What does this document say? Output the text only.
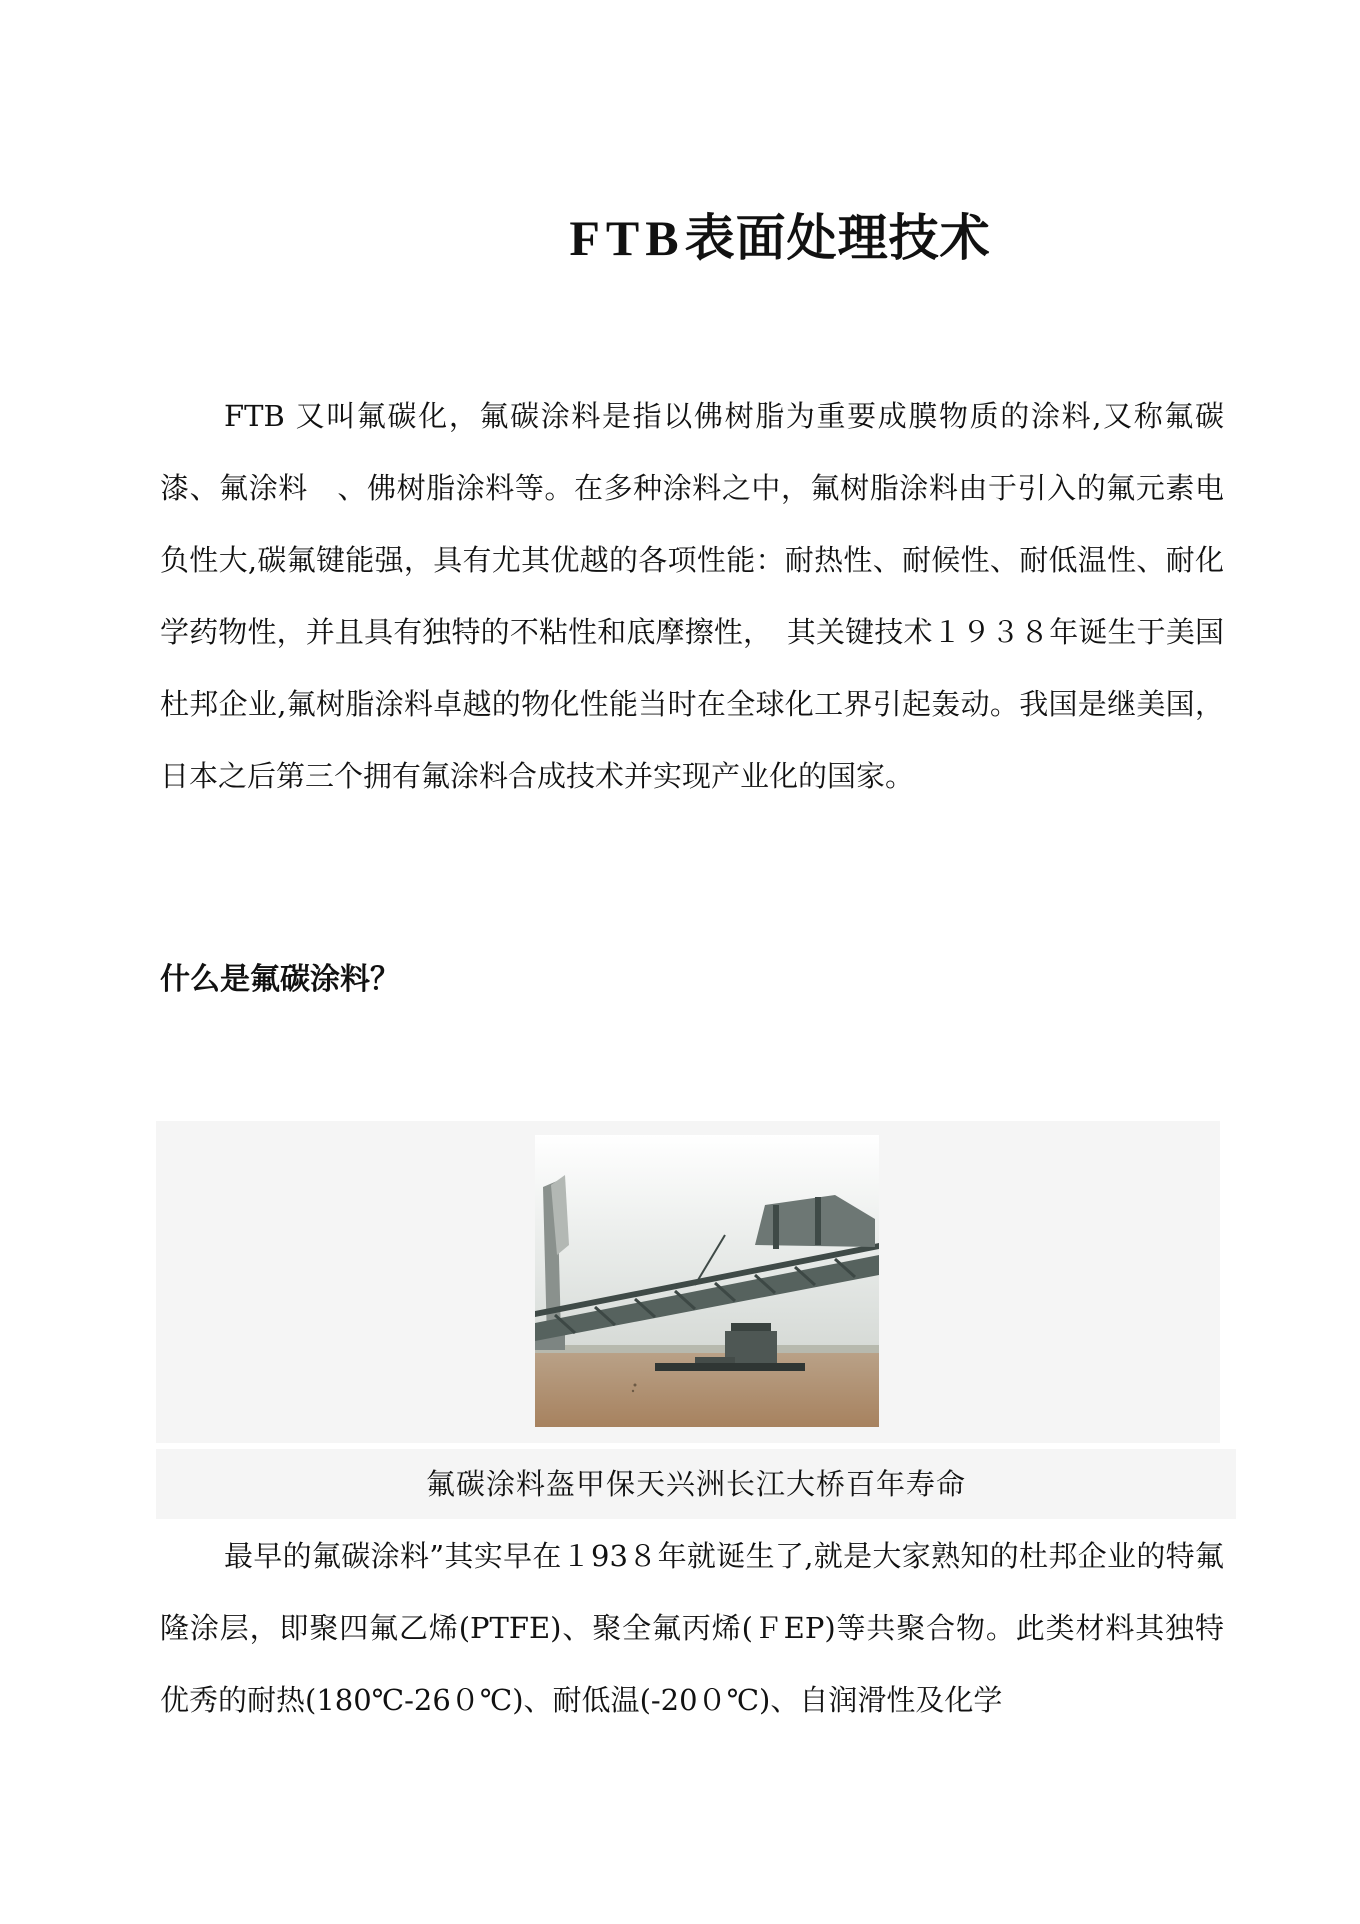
FTB表面处理技术

FTB 又叫氟碳化，氟碳涂料是指以佛树脂为重要成膜物质的涂料,又称氟碳漆、氟涂料　、佛树脂涂料等。在多种涂料之中，氟树脂涂料由于引入的氟元素电负性大,碳氟键能强，具有尤其优越的各项性能：耐热性、耐候性、耐低温性、耐化学药物性，并且具有独特的不粘性和底摩擦性，　其关键技术１９３８年诞生于美国杜邦企业,氟树脂涂料卓越的物化性能当时在全球化工界引起轰动。我国是继美国，日本之后第三个拥有氟涂料合成技术并实现产业化的国家。

什么是氟碳涂料？
氟碳涂料盔甲保天兴洲长江大桥百年寿命

最早的氟碳涂料”其实早在１93８年就诞生了,就是大家熟知的杜邦企业的特氟隆涂层，即聚四氟乙烯(PTFE)、聚全氟丙烯(ＦEP)等共聚合物。此类材料其独特优秀的耐热(180℃-26０℃)、耐低温(-20０℃)、自润滑性及化学
